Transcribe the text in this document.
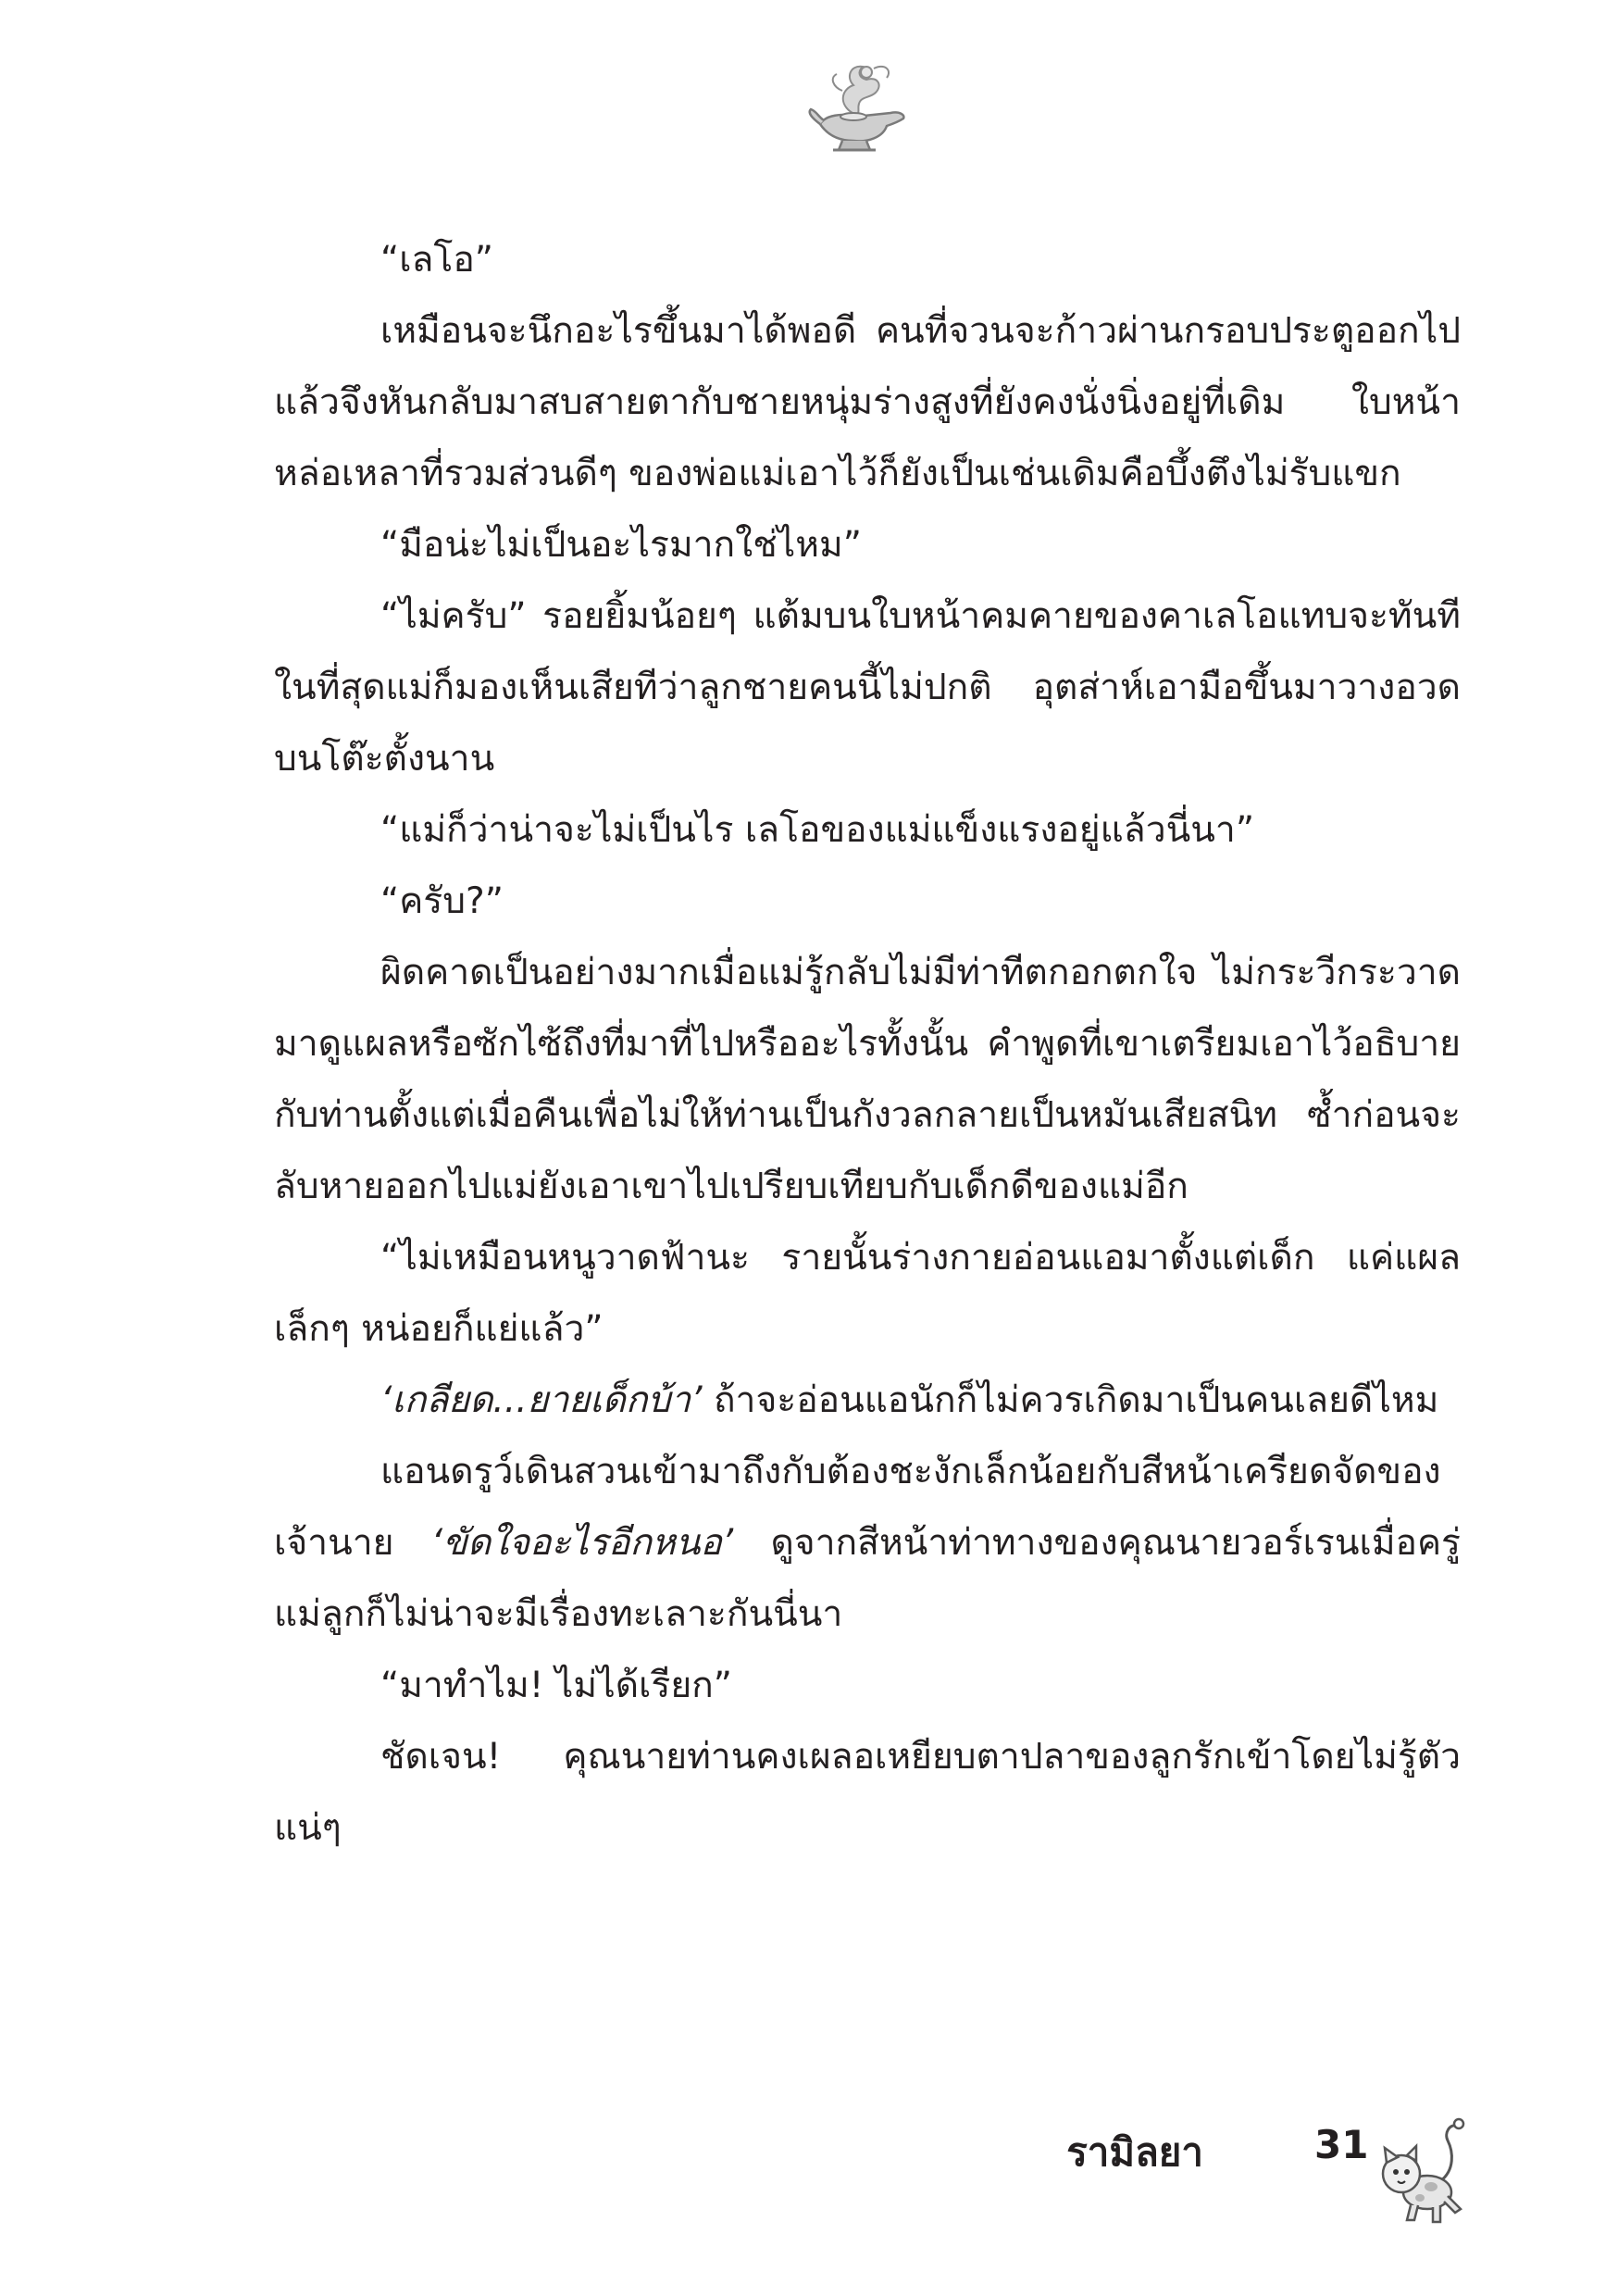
“เลโอ”

เหมือนจะนึกอะไรขึ้นมาได้พอดี คนที่จวนจะก้าวผ่านกรอบประตูออกไปแล้วจึงหันกลับมาสบสายตากับชายหนุ่มร่างสูงที่ยังคงนั่งนิ่งอยู่ที่เดิม ใบหน้าหล่อเหลาที่รวมส่วนดีๆ ของพ่อแม่เอาไว้ก็ยังเป็นเช่นเดิมคือบึ้งตึงไม่รับแขก

“มือน่ะไม่เป็นอะไรมากใช่ไหม”

“ไม่ครับ” รอยยิ้มน้อยๆ แต้มบนใบหน้าคมคายของคาเลโอแทบจะทันที ในที่สุดแม่ก็มองเห็นเสียทีว่าลูกชายคนนี้ไม่ปกติ อุตส่าห์เอามือขึ้นมาวางอวดบนโต๊ะตั้งนาน

“แม่ก็ว่าน่าจะไม่เป็นไร เลโอของแม่แข็งแรงอยู่แล้วนี่นา”

“ครับ?”

ผิดคาดเป็นอย่างมากเมื่อแม่รู้กลับไม่มีท่าทีตกอกตกใจ ไม่กระวีกระวาดมาดูแผลหรือซักไซ้ถึงที่มาที่ไปหรืออะไรทั้งนั้น คำพูดที่เขาเตรียมเอาไว้อธิบายกับท่านตั้งแต่เมื่อคืนเพื่อไม่ให้ท่านเป็นกังวลกลายเป็นหมันเสียสนิท ซ้ำก่อนจะลับหายออกไปแม่ยังเอาเขาไปเปรียบเทียบกับเด็กดีของแม่อีก

“ไม่เหมือนหนูวาดฟ้านะ รายนั้นร่างกายอ่อนแอมาตั้งแต่เด็ก แค่แผลเล็กๆ หน่อยก็แย่แล้ว”

‘เกลียด...ยายเด็กบ้า’ ถ้าจะอ่อนแอนักก็ไม่ควรเกิดมาเป็นคนเลยดีไหม

แอนดรูว์เดินสวนเข้ามาถึงกับต้องชะงักเล็กน้อยกับสีหน้าเครียดจัดของเจ้านาย ‘ขัดใจอะไรอีกหนอ’ ดูจากสีหน้าท่าทางของคุณนายวอร์เรนเมื่อครู่ แม่ลูกก็ไม่น่าจะมีเรื่องทะเลาะกันนี่นา

“มาทำไม! ไม่ได้เรียก”

ชัดเจน! คุณนายท่านคงเผลอเหยียบตาปลาของลูกรักเข้าโดยไม่รู้ตัวแน่ๆ

รามิลยา	31
